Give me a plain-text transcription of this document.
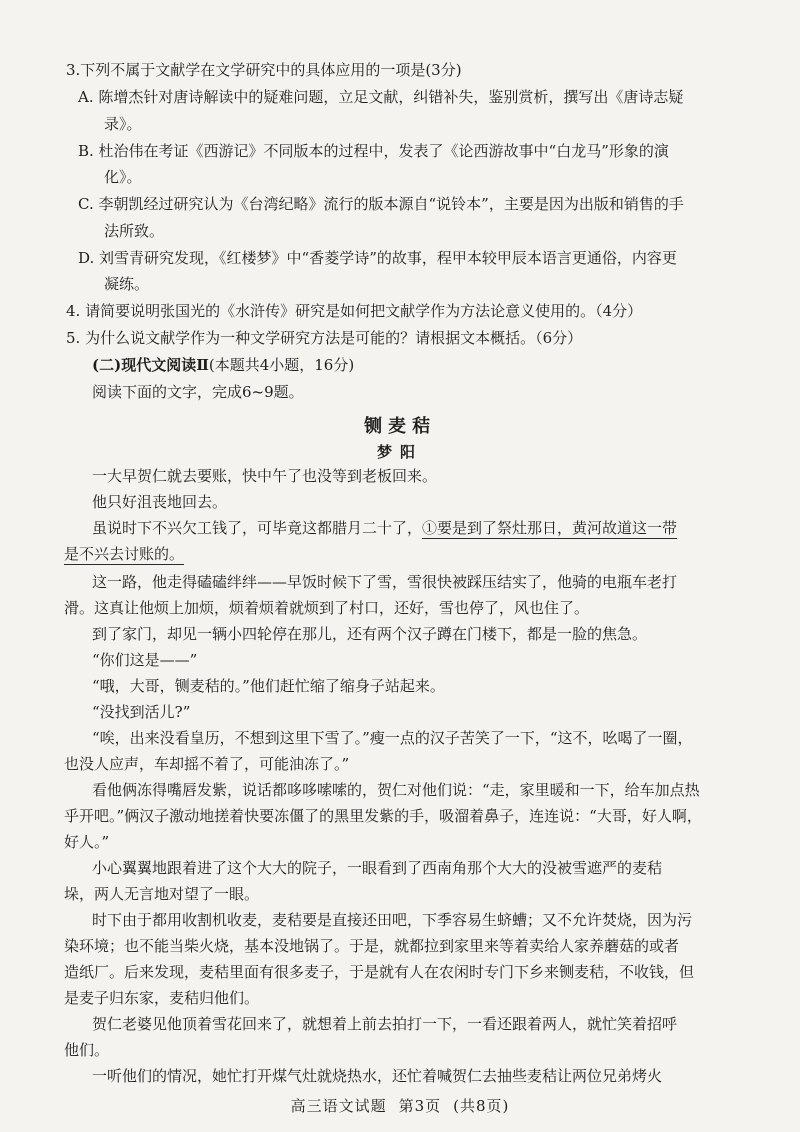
3.下列不属于文献学在文学研究中的具体应用的一项是(3分)
A. 陈增杰针对唐诗解读中的疑难问题，立足文献，纠错补失，鉴别赏析，撰写出《唐诗志疑
录》。
B. 杜治伟在考证《西游记》不同版本的过程中，发表了《论西游故事中“白龙马”形象的演
化》。
C. 李朝凯经过研究认为《台湾纪略》流行的版本源自“说铃本”，主要是因为出版和销售的手
法所致。
D. 刘雪青研究发现，《红楼梦》中“香菱学诗”的故事，程甲本较甲辰本语言更通俗，内容更
凝练。
4. 请简要说明张国光的《水浒传》研究是如何把文献学作为方法论意义使用的。（4分）
5. 为什么说文献学作为一种文学研究方法是可能的？请根据文本概括。（6分）
(二)现代文阅读Ⅱ(本题共4小题，16分)
阅读下面的文字，完成6~9题。
铡麦秸
梦阳
一大早贺仁就去要账，快中午了也没等到老板回来。
他只好沮丧地回去。
虽说时下不兴欠工钱了，可毕竟这都腊月二十了，①要是到了祭灶那日，黄河故道这一带
是不兴去讨账的。
这一路，他走得磕磕绊绊——早饭时候下了雪，雪很快被踩压结实了，他骑的电瓶车老打
滑。这真让他烦上加烦，烦着烦着就烦到了村口，还好，雪也停了，风也住了。
到了家门，却见一辆小四轮停在那儿，还有两个汉子蹲在门楼下，都是一脸的焦急。
“你们这是——”
“哦，大哥，铡麦秸的。”他们赶忙缩了缩身子站起来。
“没找到活儿?”
“唉，出来没看皇历，不想到这里下雪了。”瘦一点的汉子苦笑了一下，“这不，吆喝了一圈，
也没人应声，车却摇不着了，可能油冻了。”
看他俩冻得嘴唇发紫，说话都哆哆嗦嗦的，贺仁对他们说：“走，家里暖和一下，给车加点热
乎开吧。”俩汉子激动地搓着快要冻僵了的黑里发紫的手，吸溜着鼻子，连连说：“大哥，好人啊，
好人。”
小心翼翼地跟着进了这个大大的院子，一眼看到了西南角那个大大的没被雪遮严的麦秸
垛，两人无言地对望了一眼。
时下由于都用收割机收麦，麦秸要是直接还田吧，下季容易生蛴螬；又不允许焚烧，因为污
染环境；也不能当柴火烧，基本没地锅了。于是，就都拉到家里来等着卖给人家养蘑菇的或者
造纸厂。后来发现，麦秸里面有很多麦子，于是就有人在农闲时专门下乡来铡麦秸，不收钱，但
是麦子归东家，麦秸归他们。
贺仁老婆见他顶着雪花回来了，就想着上前去拍打一下，一看还跟着两人，就忙笑着招呼
他们。
一听他们的情况，她忙打开煤气灶就烧热水，还忙着喊贺仁去抽些麦秸让两位兄弟烤火
高三语文试题 第3页 (共8页)
